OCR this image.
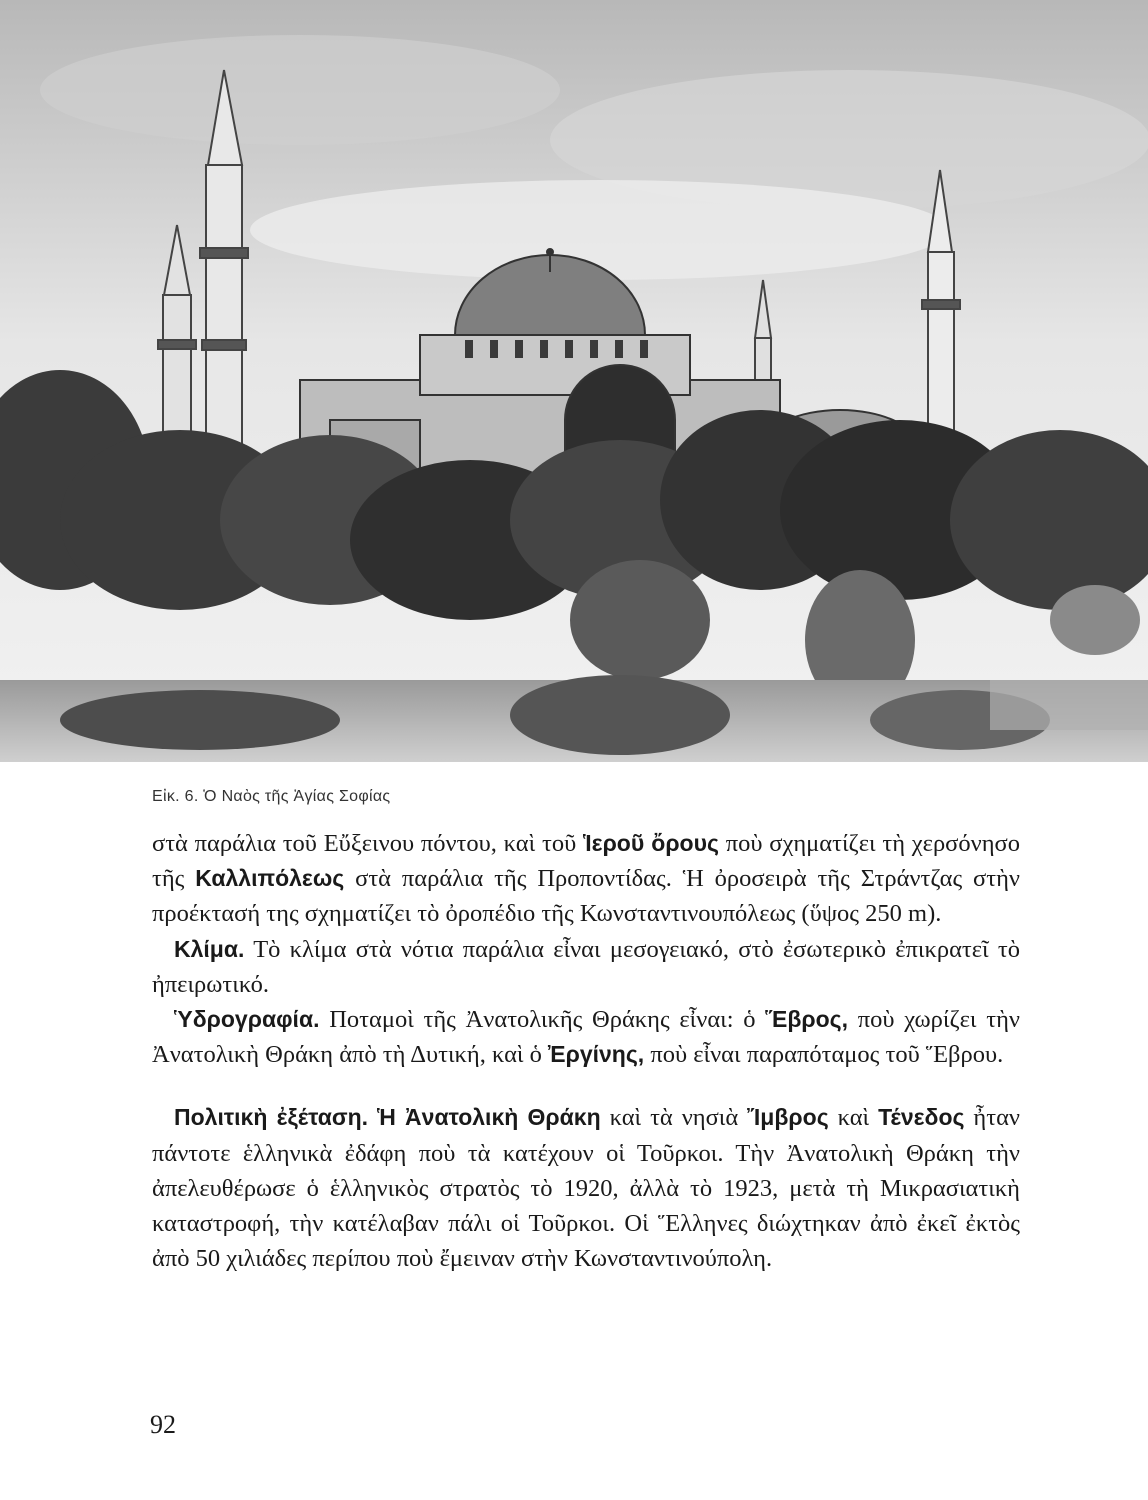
Εἰκ. 6. Ὁ Ναὸς τῆς Ἁγίας Σοφίας

στὰ παράλια τοῦ Εὔξεινου πόντου, καὶ τοῦ Ἱεροῦ ὄρους ποὺ σχηματίζει τὴ χερσόνησο τῆς Καλλιπόλεως στὰ παράλια τῆς Προποντίδας. Ἡ ὀροσειρὰ τῆς Στράντζας στὴν προέκτασή της σχηματίζει τὸ ὀροπέδιο τῆς Κωνσταντινουπόλεως (ὕψος 250 m).

Κλίμα. Τὸ κλίμα στὰ νότια παράλια εἶναι μεσογειακό, στὸ ἐσωτερικὸ ἐπικρατεῖ τὸ ἠπειρωτικό.

Ὑδρογραφία. Ποταμοὶ τῆς Ἀνατολικῆς Θράκης εἶναι: ὁ Ἕβρος, ποὺ χωρίζει τὴν Ἀνατολικὴ Θράκη ἀπὸ τὴ Δυτική, καὶ ὁ Ἐργίνης, ποὺ εἶναι παραπόταμος τοῦ Ἕβρου.

Πολιτικὴ ἐξέταση. Ἡ Ἀνατολικὴ Θράκη καὶ τὰ νησιὰ Ἴμβρος καὶ Τένεδος ἦταν πάντοτε ἑλληνικὰ ἐδάφη ποὺ τὰ κατέχουν οἱ Τοῦρκοι. Τὴν Ἀνατολικὴ Θράκη τὴν ἀπελευθέρωσε ὁ ἑλληνικὸς στρατὸς τὸ 1920, ἀλλὰ τὸ 1923, μετὰ τὴ Μικρασιατικὴ καταστροφή, τὴν κατέλαβαν πάλι οἱ Τοῦρκοι. Οἱ Ἕλληνες διώχτηκαν ἀπὸ ἐκεῖ ἐκτὸς ἀπὸ 50 χιλιάδες περίπου ποὺ ἔμειναν στὴν Κωνσταντινούπολη.

92
